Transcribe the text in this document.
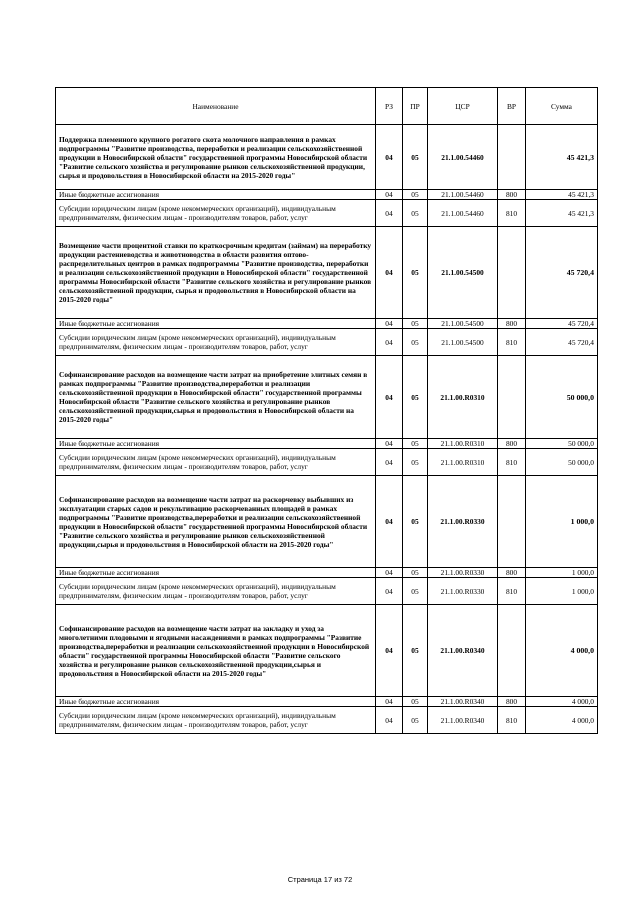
Наименование	РЗ	ПР	ЦСР	ВР	Сумма
Поддержка племенного крупного рогатого скота молочного направления в рамках подпрограммы "Развитие производства, переработки и реализации сельскохозяйственной продукции в Новосибирской области" государственной программы Новосибирской области "Развитие сельского хозяйства и регулирование рынков сельскохозяйственной продукции, сырья и продовольствия в Новосибирской области на 2015-2020 годы"	04	05	21.1.00.54460		45 421,3
Иные бюджетные ассигнования	04	05	21.1.00.54460	800	45 421,3
Субсидии юридическим лицам (кроме некоммерческих организаций), индивидуальным предпринимателям, физическим лицам - производителям товаров, работ, услуг	04	05	21.1.00.54460	810	45 421,3
Возмещение части процентной ставки по краткосрочным кредитам (займам) на переработку продукции растениеводства и животноводства в области развития оптово-распределительных центров в рамках подпрограммы "Развитие производства, переработки и реализации сельскохозяйственной продукции в Новосибирской области" государственной программы Новосибирской области "Развитие сельского хозяйства и регулирование рынков сельскохозяйственной продукции, сырья и продовольствия в Новосибирской области на 2015-2020 годы"	04	05	21.1.00.54500		45 720,4
Иные бюджетные ассигнования	04	05	21.1.00.54500	800	45 720,4
Субсидии юридическим лицам (кроме некоммерческих организаций), индивидуальным предпринимателям, физическим лицам - производителям товаров, работ, услуг	04	05	21.1.00.54500	810	45 720,4
Софинансирование расходов на возмещение части затрат на приобретение элитных семян в рамках подпрограммы "Развитие производства,переработки и реализации сельскохозяйственной продукции в Новосибирской области" государственной программы Новосибирской области "Развитие сельского хозяйства и регулирование рынков сельскохозяйственной продукции,сырья и продовольствия в Новосибирской области на 2015-2020 годы"	04	05	21.1.00.R0310		50 000,0
Иные бюджетные ассигнования	04	05	21.1.00.R0310	800	50 000,0
Субсидии юридическим лицам (кроме некоммерческих организаций), индивидуальным предпринимателям, физическим лицам - производителям товаров, работ, услуг	04	05	21.1.00.R0310	810	50 000,0
Софинансирование расходов на возмещение части затрат на раскорчевку выбывших из эксплуатации старых садов и рекультивацию раскорчеванных площадей в рамках подпрограммы "Развитие производства,переработки и реализации сельскохозяйственной продукции в Новосибирской области" государственной программы Новосибирской области "Развитие сельского хозяйства и регулирование рынков сельскохозяйственной продукции,сырья и продовольствия в Новосибирской области на 2015-2020 годы"	04	05	21.1.00.R0330		1 000,0
Иные бюджетные ассигнования	04	05	21.1.00.R0330	800	1 000,0
Субсидии юридическим лицам (кроме некоммерческих организаций), индивидуальным предпринимателям, физическим лицам - производителям товаров, работ, услуг	04	05	21.1.00.R0330	810	1 000,0
Софинансирование расходов на возмещение части затрат на закладку и уход за многолетними плодовыми и ягодными насаждениями в рамках подпрограммы "Развитие производства,переработки и реализации сельскохозяйственной продукции в Новосибирской области" государственной программы Новосибирской области "Развитие сельского хозяйства и регулирование рынков сельскохозяйственной продукции,сырья и продовольствия в Новосибирской области на 2015-2020 годы"	04	05	21.1.00.R0340		4 000,0
Иные бюджетные ассигнования	04	05	21.1.00.R0340	800	4 000,0
Субсидии юридическим лицам (кроме некоммерческих организаций), индивидуальным предпринимателям, физическим лицам - производителям товаров, работ, услуг	04	05	21.1.00.R0340	810	4 000,0
Страница 17 из 72
